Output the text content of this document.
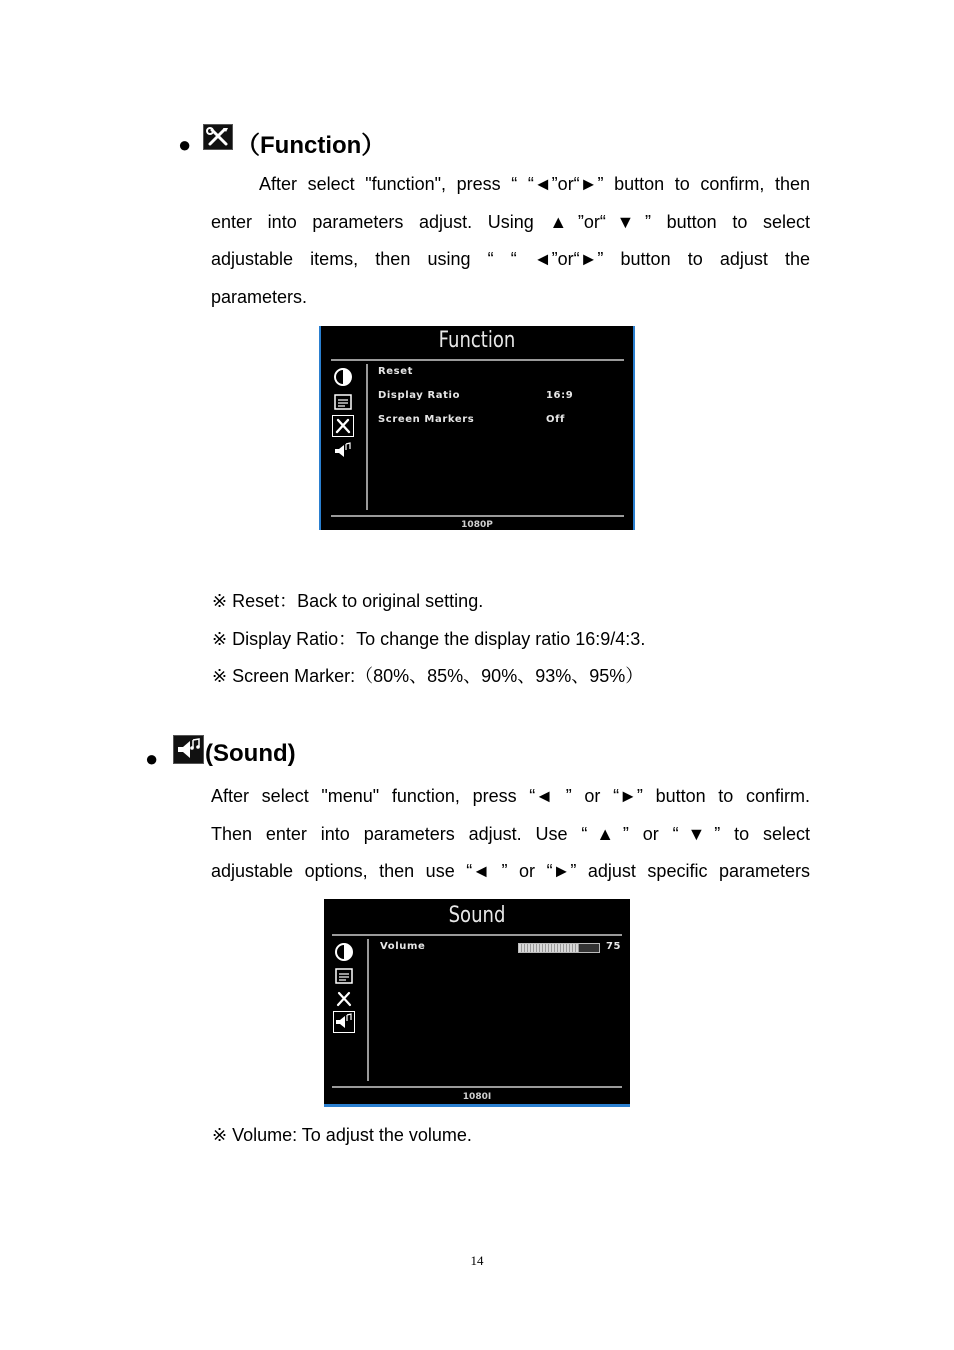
● （Function）
After select "function", press “ “◄”or“►” button to confirm, then
enter into parameters adjust. Using ▲”or“▼” button to select
adjustable items, then using “ “ ◄”or“►” button to adjust the
parameters.
Function
Reset
Display Ratio	16:9
Screen Markers	Off
1080P
※ Reset：Back to original setting.
※ Display Ratio：To change the display ratio 16:9/4:3.
※ Screen Marker:（80%、85%、90%、93%、95%）
● (Sound)
After select "menu" function, press “◄ ” or “►” button to confirm.
Then enter into parameters adjust. Use “▲” or “▼” to select
adjustable options, then use “◄ ” or “►” adjust specific parameters
Sound
Volume	75
1080I
※ Volume: To adjust the volume.
14
